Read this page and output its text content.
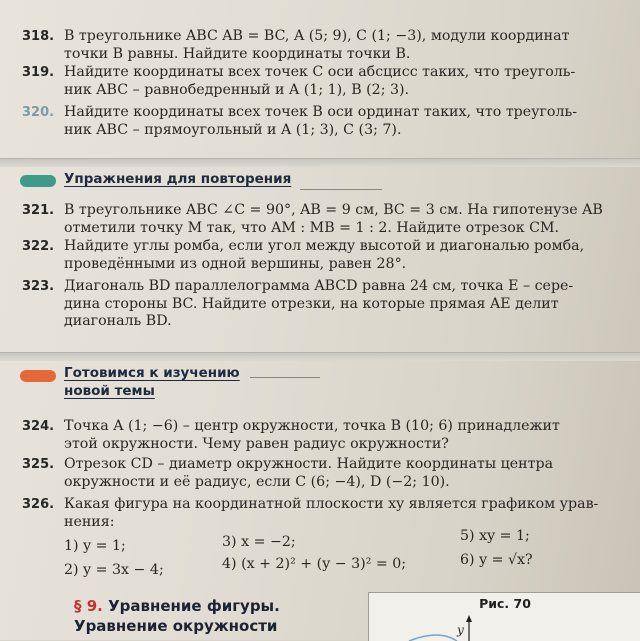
318. В треугольнике ABC AB = BC, A (5; 9), C (1; −3), модули координат
точки B равны. Найдите координаты точки B.
319. Найдите координаты всех точек C оси абсцисс таких, что треуголь-
ник ABC – равнобедренный и A (1; 1), B (2; 3).
320. Найдите координаты всех точек B оси ординат таких, что треуголь-
ник ABC – прямоугольный и A (1; 3), C (3; 7).
Упражнения для повторения
321. В треугольнике ABC ∠C = 90°, AB = 9 см, BC = 3 см. На гипотенузе AB
отметили точку M так, что AM : MB = 1 : 2. Найдите отрезок CM.
322. Найдите углы ромба, если угол между высотой и диагональю ромба,
проведёнными из одной вершины, равен 28°.
323. Диагональ BD параллелограмма ABCD равна 24 см, точка E – сере-
дина стороны BC. Найдите отрезки, на которые прямая AE делит
диагональ BD.
Готовимся к изучению
новой темы
324. Точка A (1; −6) – центр окружности, точка B (10; 6) принадлежит
этой окружности. Чему равен радиус окружности?
325. Отрезок CD – диаметр окружности. Найдите координаты центра
окружности и её радиус, если C (6; −4), D (−2; 10).
326. Какая фигура на координатной плоскости xy является графиком урав-
нения:
1) y = 1;
2) y = 3x − 4;
3) x = −2;
4) (x + 2)² + (y − 3)² = 0;
5) xy = 1;
6) y = √x?
§ 9. Уравнение фигуры.
Уравнение окружности
Рис. 70
y
